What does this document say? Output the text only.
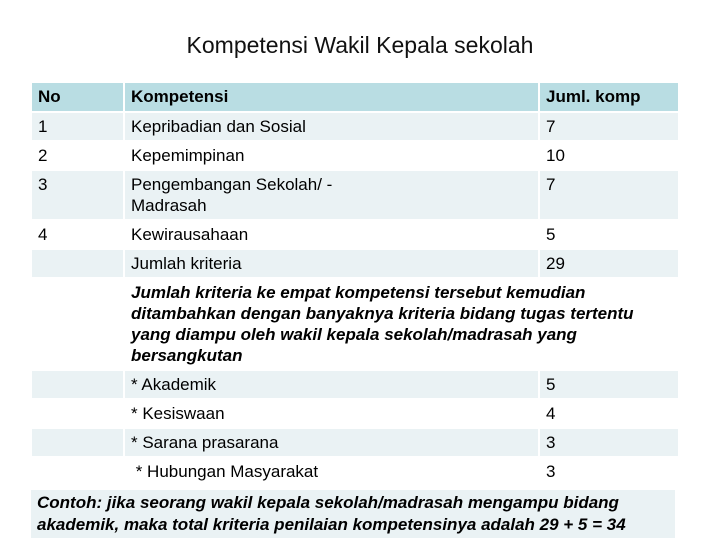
Kompetensi Wakil Kepala sekolah
No	Kompetensi	Juml. komp
1	Kepribadian dan Sosial	7
2	Kepemimpinan	10
3	Pengembangan Sekolah/ - Madrasah	7
4	Kewirausahaan	5
	Jumlah kriteria	29
	Jumlah kriteria ke empat kompetensi tersebut kemudian ditambahkan dengan banyaknya kriteria bidang tugas tertentu yang diampu oleh wakil kepala sekolah/madrasah yang bersangkutan	
	* Akademik	5
	* Kesiswaan	4
	* Sarana prasarana	3
	* Hubungan Masyarakat	3
Contoh: jika seorang wakil kepala sekolah/madrasah mengampu bidang akademik, maka total kriteria penilaian kompetensinya adalah 29 + 5 = 34
